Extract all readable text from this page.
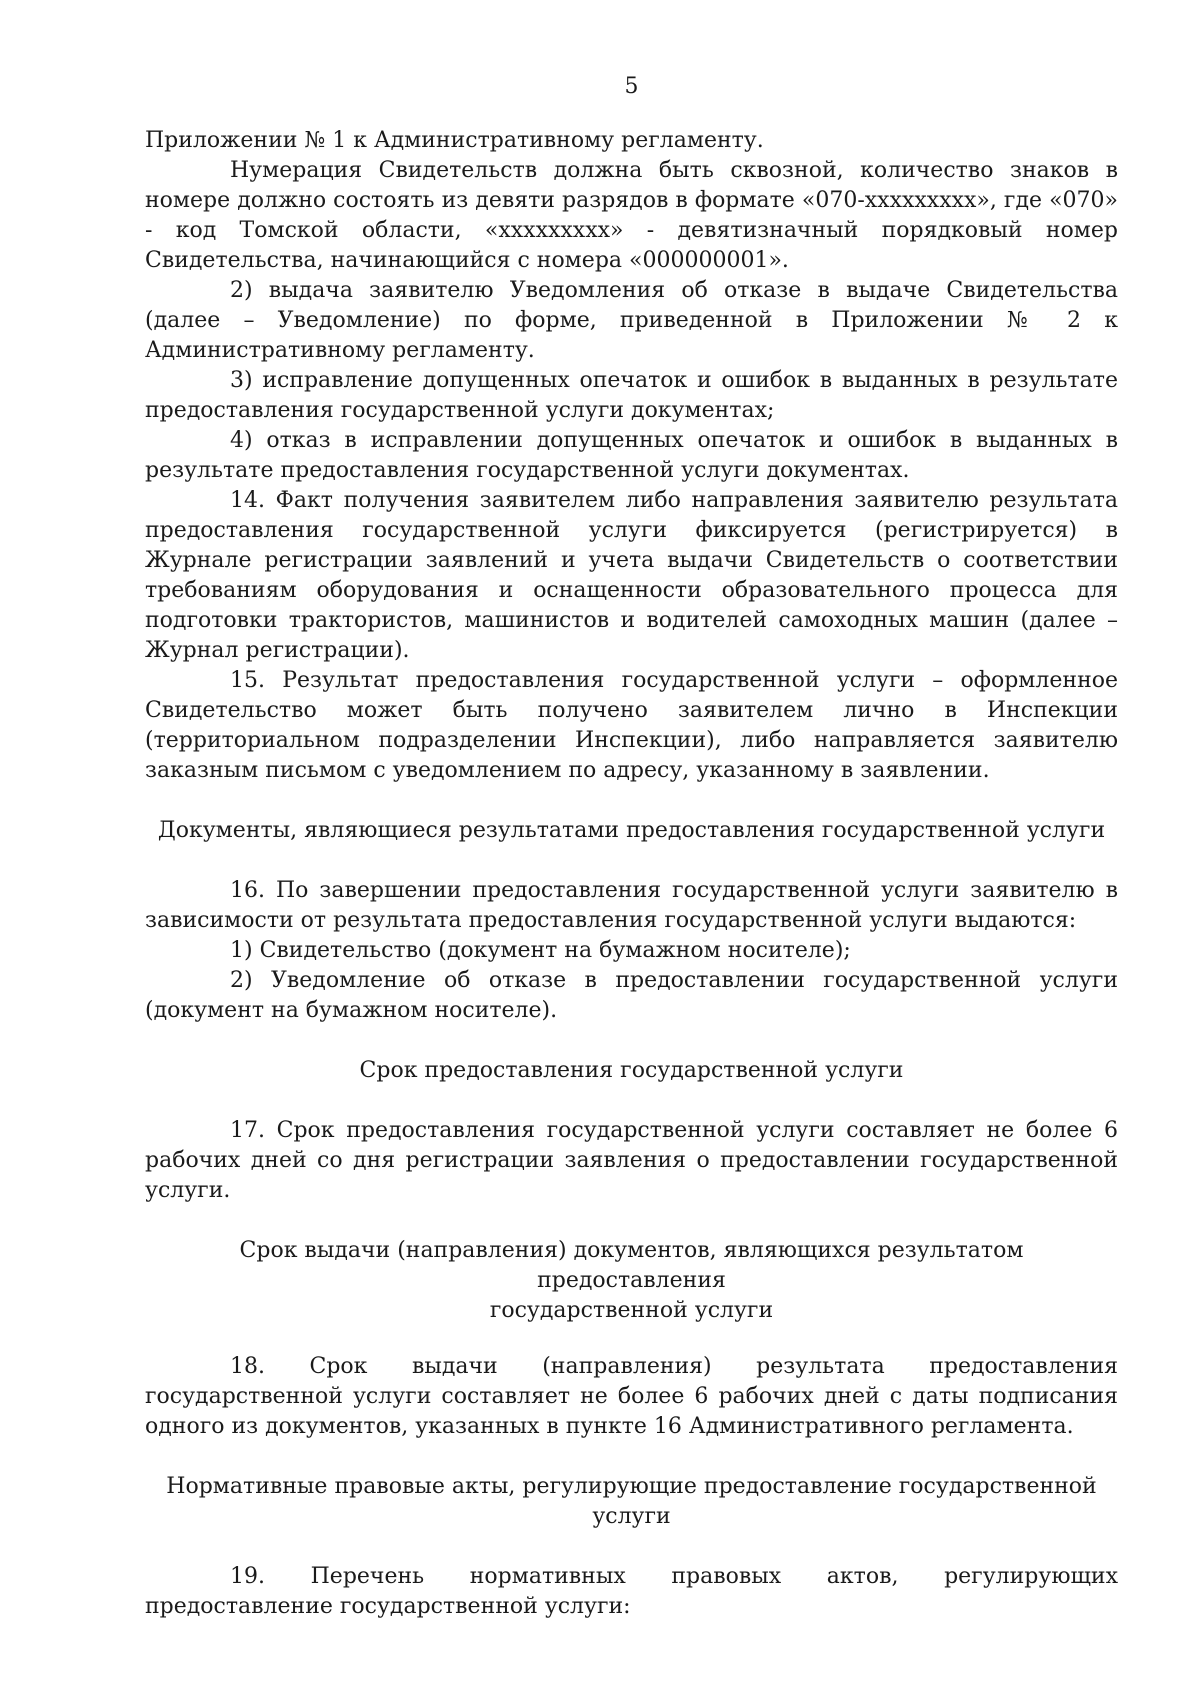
5

Приложении № 1 к Административному регламенту.

Нумерация Свидетельств должна быть сквозной, количество знаков в номере должно состоять из девяти разрядов в формате «070-ххххххххх», где «070» - код Томской области, «ххххххххх» - девятизначный порядковый номер Свидетельства, начинающийся с номера «000000001».

2) выдача заявителю Уведомления об отказе в выдаче Свидетельства (далее – Уведомление) по форме, приведенной в Приложении № 2 к Административному регламенту.

3) исправление допущенных опечаток и ошибок в выданных в результате предоставления государственной услуги документах;

4) отказ в исправлении допущенных опечаток и ошибок в выданных в результате предоставления государственной услуги документах.

14. Факт получения заявителем либо направления заявителю результата предоставления государственной услуги фиксируется (регистрируется) в Журнале регистрации заявлений и учета выдачи Свидетельств о соответствии требованиям оборудования и оснащенности образовательного процесса для подготовки трактористов, машинистов и водителей самоходных машин (далее – Журнал регистрации).

15. Результат предоставления государственной услуги – оформленное Свидетельство может быть получено заявителем лично в Инспекции (территориальном подразделении Инспекции), либо направляется заявителю заказным письмом с уведомлением по адресу, указанному в заявлении.

Документы, являющиеся результатами предоставления государственной услуги

16. По завершении предоставления государственной услуги заявителю в зависимости от результата предоставления государственной услуги выдаются:

1) Свидетельство (документ на бумажном носителе);

2) Уведомление об отказе в предоставлении государственной услуги (документ на бумажном носителе).

Срок предоставления государственной услуги

17. Срок предоставления государственной услуги составляет не более 6 рабочих дней со дня регистрации заявления о предоставлении государственной услуги.

Срок выдачи (направления) документов, являющихся результатом предоставления
государственной услуги

18. Срок выдачи (направления) результата предоставления государственной услуги составляет не более 6 рабочих дней с даты подписания одного из документов, указанных в пункте 16 Административного регламента.

Нормативные правовые акты, регулирующие предоставление государственной услуги

19. Перечень нормативных правовых актов, регулирующих предоставление государственной услуги:
